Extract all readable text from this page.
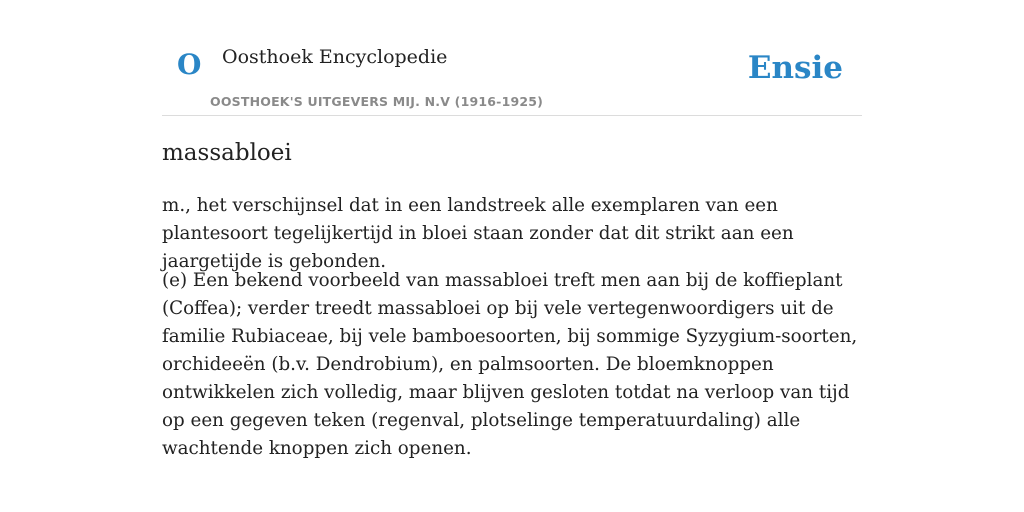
O Oosthoek Encyclopedie
OOSTHOEK'S UITGEVERS MIJ. N.V (1916-1925)
Ensie
massabloei

m., het verschijnsel dat in een landstreek alle exemplaren van een plantesoort tegelijkertijd in bloei staan zonder dat dit strikt aan een jaargetijde is gebonden.

(e) Een bekend voorbeeld van massabloei treft men aan bij de koffieplant (Coffea); verder treedt massabloei op bij vele vertegenwoordigers uit de familie Rubiaceae, bij vele bamboesoorten, bij sommige Syzygium-soorten, orchideeën (b.v. Dendrobium), en palmsoorten. De bloemknoppen ontwikkelen zich volledig, maar blijven gesloten totdat na verloop van tijd op een gegeven teken (regenval, plotselinge temperatuurdaling) alle wachtende knoppen zich openen.
